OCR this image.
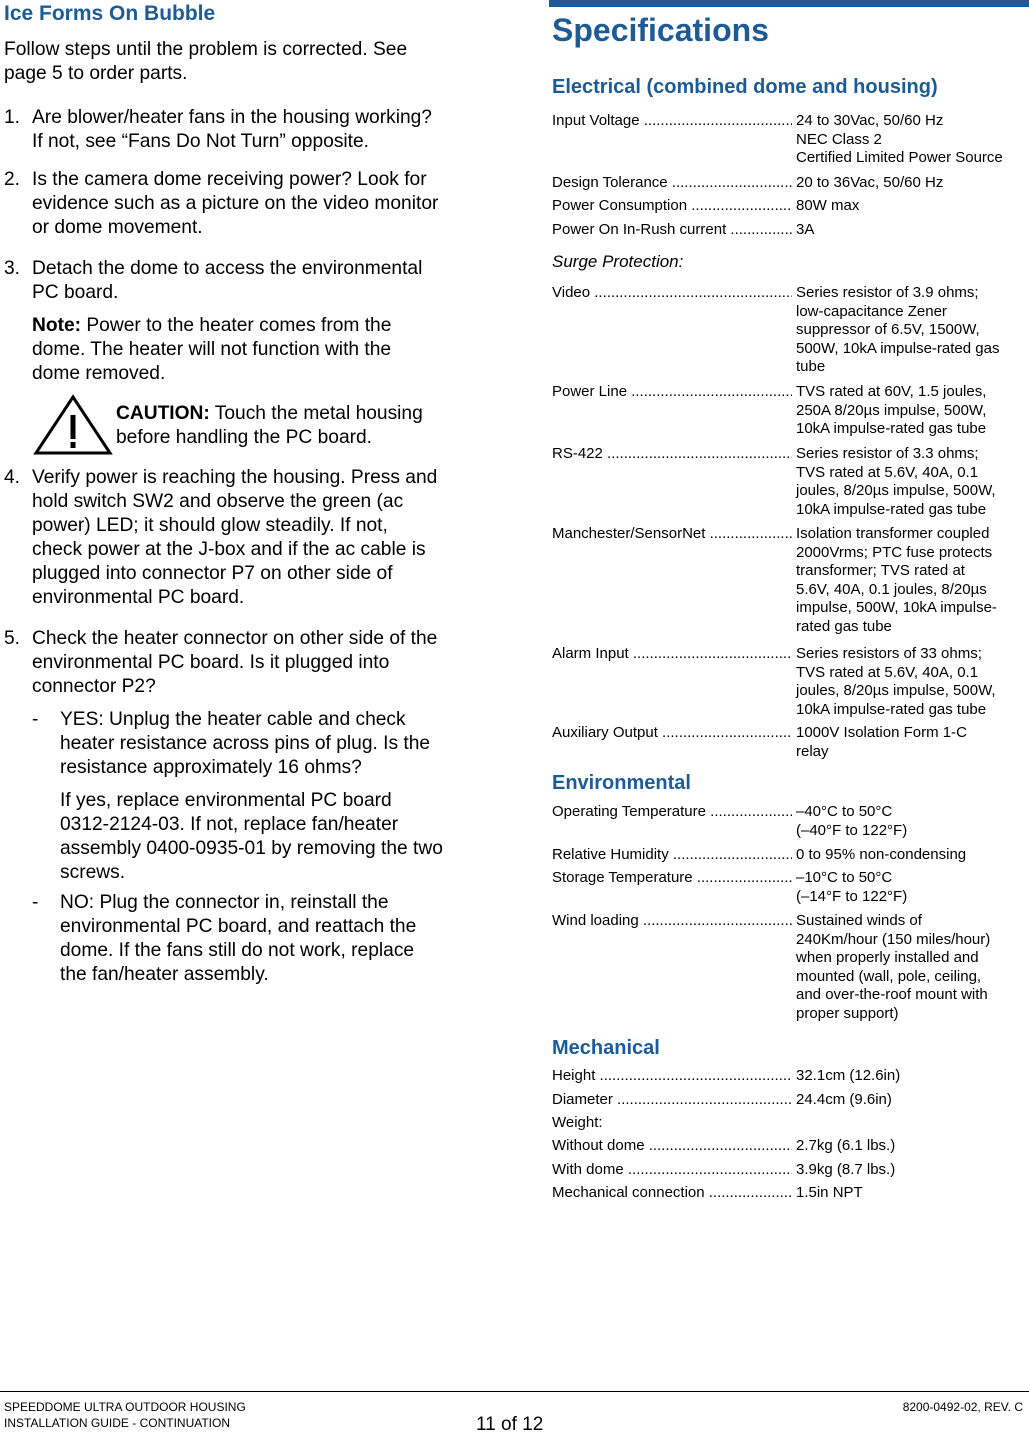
Ice Forms On Bubble
Follow steps until the problem is corrected. See
page 5 to order parts.
1. Are blower/heater fans in the housing working?
If not, see “Fans Do Not Turn” opposite.
2. Is the camera dome receiving power? Look for
evidence such as a picture on the video monitor
or dome movement.
3. Detach the dome to access the environmental
PC board.
Note: Power to the heater comes from the
dome. The heater will not function with the
dome removed.
CAUTION: Touch the metal housing
before handling the PC board.
4. Verify power is reaching the housing. Press and
hold switch SW2 and observe the green (ac
power) LED; it should glow steadily. If not,
check power at the J-box and if the ac cable is
plugged into connector P7 on other side of
environmental PC board.
5. Check the heater connector on other side of the
environmental PC board. Is it plugged into
connector P2?
- YES: Unplug the heater cable and check
heater resistance across pins of plug. Is the
resistance approximately 16 ohms?
If yes, replace environmental PC board
0312-2124-03. If not, replace fan/heater
assembly 0400-0935-01 by removing the two
screws.
- NO: Plug the connector in, reinstall the
environmental PC board, and reattach the
dome. If the fans still do not work, replace
the fan/heater assembly.
Specifications
Electrical (combined dome and housing)
Input Voltage .....	24 to 30Vac, 50/60 Hz
NEC Class 2
Certified Limited Power Source
Design Tolerance .....	20 to 36Vac, 50/60 Hz
Power Consumption .....	80W max
Power On In-Rush current .....	3A
Surge Protection:
Video .....	Series resistor of 3.9 ohms;
low-capacitance Zener
suppressor of 6.5V, 1500W,
500W, 10kA impulse-rated gas
tube
Power Line .....	TVS rated at 60V, 1.5 joules,
250A 8/20µs impulse, 500W,
10kA impulse-rated gas tube
RS-422 .....	Series resistor of 3.3 ohms;
TVS rated at 5.6V, 40A, 0.1
joules, 8/20µs impulse, 500W,
10kA impulse-rated gas tube
Manchester/SensorNet .....	Isolation transformer coupled
2000Vrms; PTC fuse protects
transformer; TVS rated at
5.6V, 40A, 0.1 joules, 8/20µs
impulse, 500W, 10kA impulse-
rated gas tube
Alarm Input .....	Series resistors of 33 ohms;
TVS rated at 5.6V, 40A, 0.1
joules, 8/20µs impulse, 500W,
10kA impulse-rated gas tube
Auxiliary Output .....	1000V Isolation Form 1-C
relay
Environmental
Operating Temperature .....	–40°C to 50°C
(–40°F to 122°F)
Relative Humidity .....	0 to 95% non-condensing
Storage Temperature .....	–10°C to 50°C
(–14°F to 122°F)
Wind loading .....	Sustained winds of
240Km/hour (150 miles/hour)
when properly installed and
mounted (wall, pole, ceiling,
and over-the-roof mount with
proper support)
Mechanical
Height .....	32.1cm (12.6in)
Diameter .....	24.4cm (9.6in)
Weight:
Without dome .....	2.7kg (6.1 lbs.)
With dome .....	3.9kg (8.7 lbs.)
Mechanical connection .....	1.5in NPT
SPEEDDOME ULTRA OUTDOOR HOUSING
INSTALLATION GUIDE - CONTINUATION	11 of 12
8200-0492-02, REV. C
